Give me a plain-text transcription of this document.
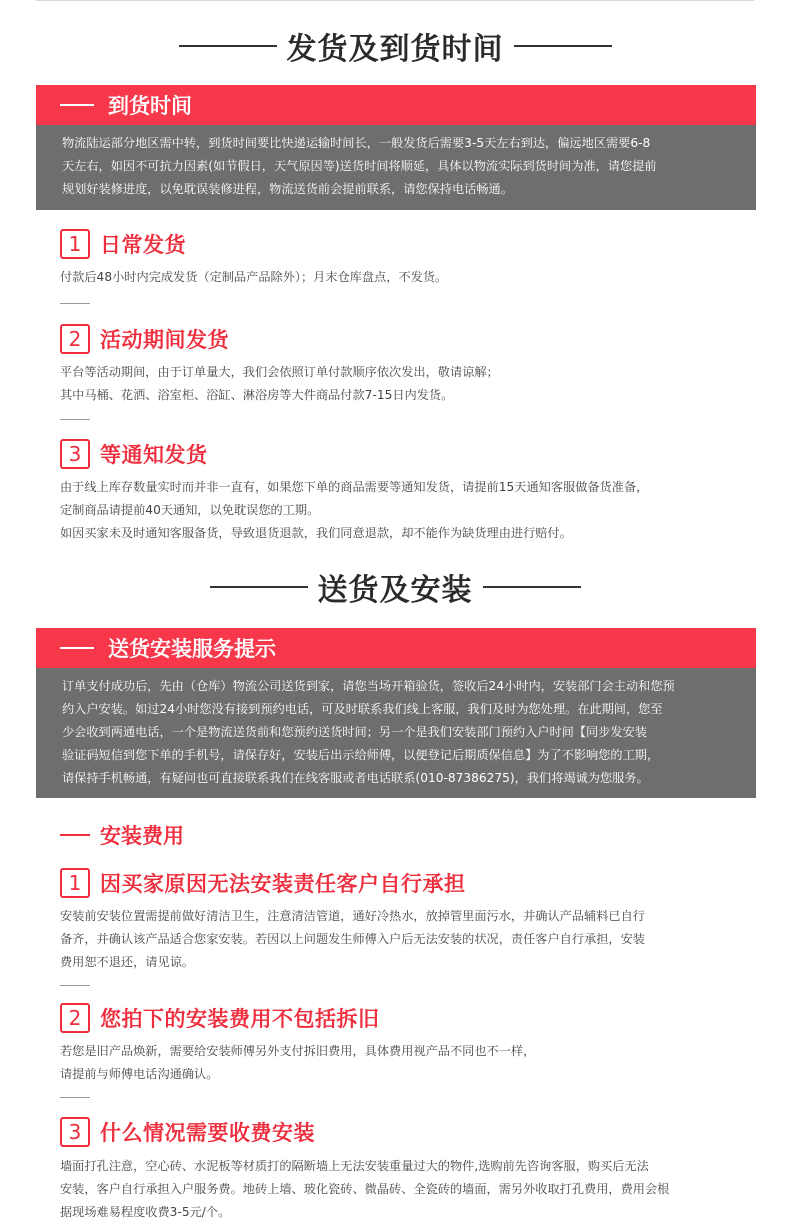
发货及到货时间
到货时间
物流陆运部分地区需中转，到货时间要比快递运输时间长，一般发货后需要3-5天左右到达，偏远地区需要6-8
天左右，如因不可抗力因素(如节假日，天气原因等)送货时间将顺延，具体以物流实际到货时间为准，请您提前
规划好装修进度，以免耽误装修进程，物流送货前会提前联系，请您保持电话畅通。
1 日常发货
付款后48小时内完成发货（定制品产品除外）；月末仓库盘点，不发货。
2 活动期间发货
平台等活动期间，由于订单量大，我们会依照订单付款顺序依次发出，敬请谅解；
其中马桶、花洒、浴室柜、浴缸、淋浴房等大件商品付款7-15日内发货。
3 等通知发货
由于线上库存数量实时而并非一直有，如果您下单的商品需要等通知发货，请提前15天通知客服做备货准备，
定制商品请提前40天通知，以免耽误您的工期。
如因买家未及时通知客服备货，导致退货退款，我们同意退款，却不能作为缺货理由进行赔付。
送货及安装
送货安装服务提示
订单支付成功后，先由（仓库）物流公司送货到家，请您当场开箱验货，签收后24小时内，安装部门会主动和您预
约入户安装。如过24小时您没有接到预约电话，可及时联系我们线上客服，我们及时为您处理。在此期间，您至
少会收到两通电话，一个是物流送货前和您预约送货时间；另一个是我们安装部门预约入户时间【同步发安装
验证码短信到您下单的手机号，请保存好，安装后出示给师傅，以便登记后期质保信息】为了不影响您的工期，
请保持手机畅通，有疑问也可直接联系我们在线客服或者电话联系(010-87386275)，我们将竭诚为您服务。
安装费用
1 因买家原因无法安装责任客户自行承担
安装前安装位置需提前做好清洁卫生，注意清洁管道，通好冷热水，放掉管里面污水，并确认产品辅料已自行
备齐，并确认该产品适合您家安装。若因以上问题发生师傅入户后无法安装的状况，责任客户自行承担，安装
费用恕不退还，请见谅。
2 您拍下的安装费用不包括拆旧
若您是旧产品焕新，需要给安装师傅另外支付拆旧费用，具体费用视产品不同也不一样，
请提前与师傅电话沟通确认。
3 什么情况需要收费安装
墙面打孔注意，空心砖、水泥板等材质打的隔断墙上无法安装重量过大的物件,选购前先咨询客服，购买后无法
安装，客户自行承担入户服务费。地砖上墙、玻化瓷砖、微晶砖、全瓷砖的墙面，需另外收取打孔费用，费用会根
据现场难易程度收费3-5元/个。
